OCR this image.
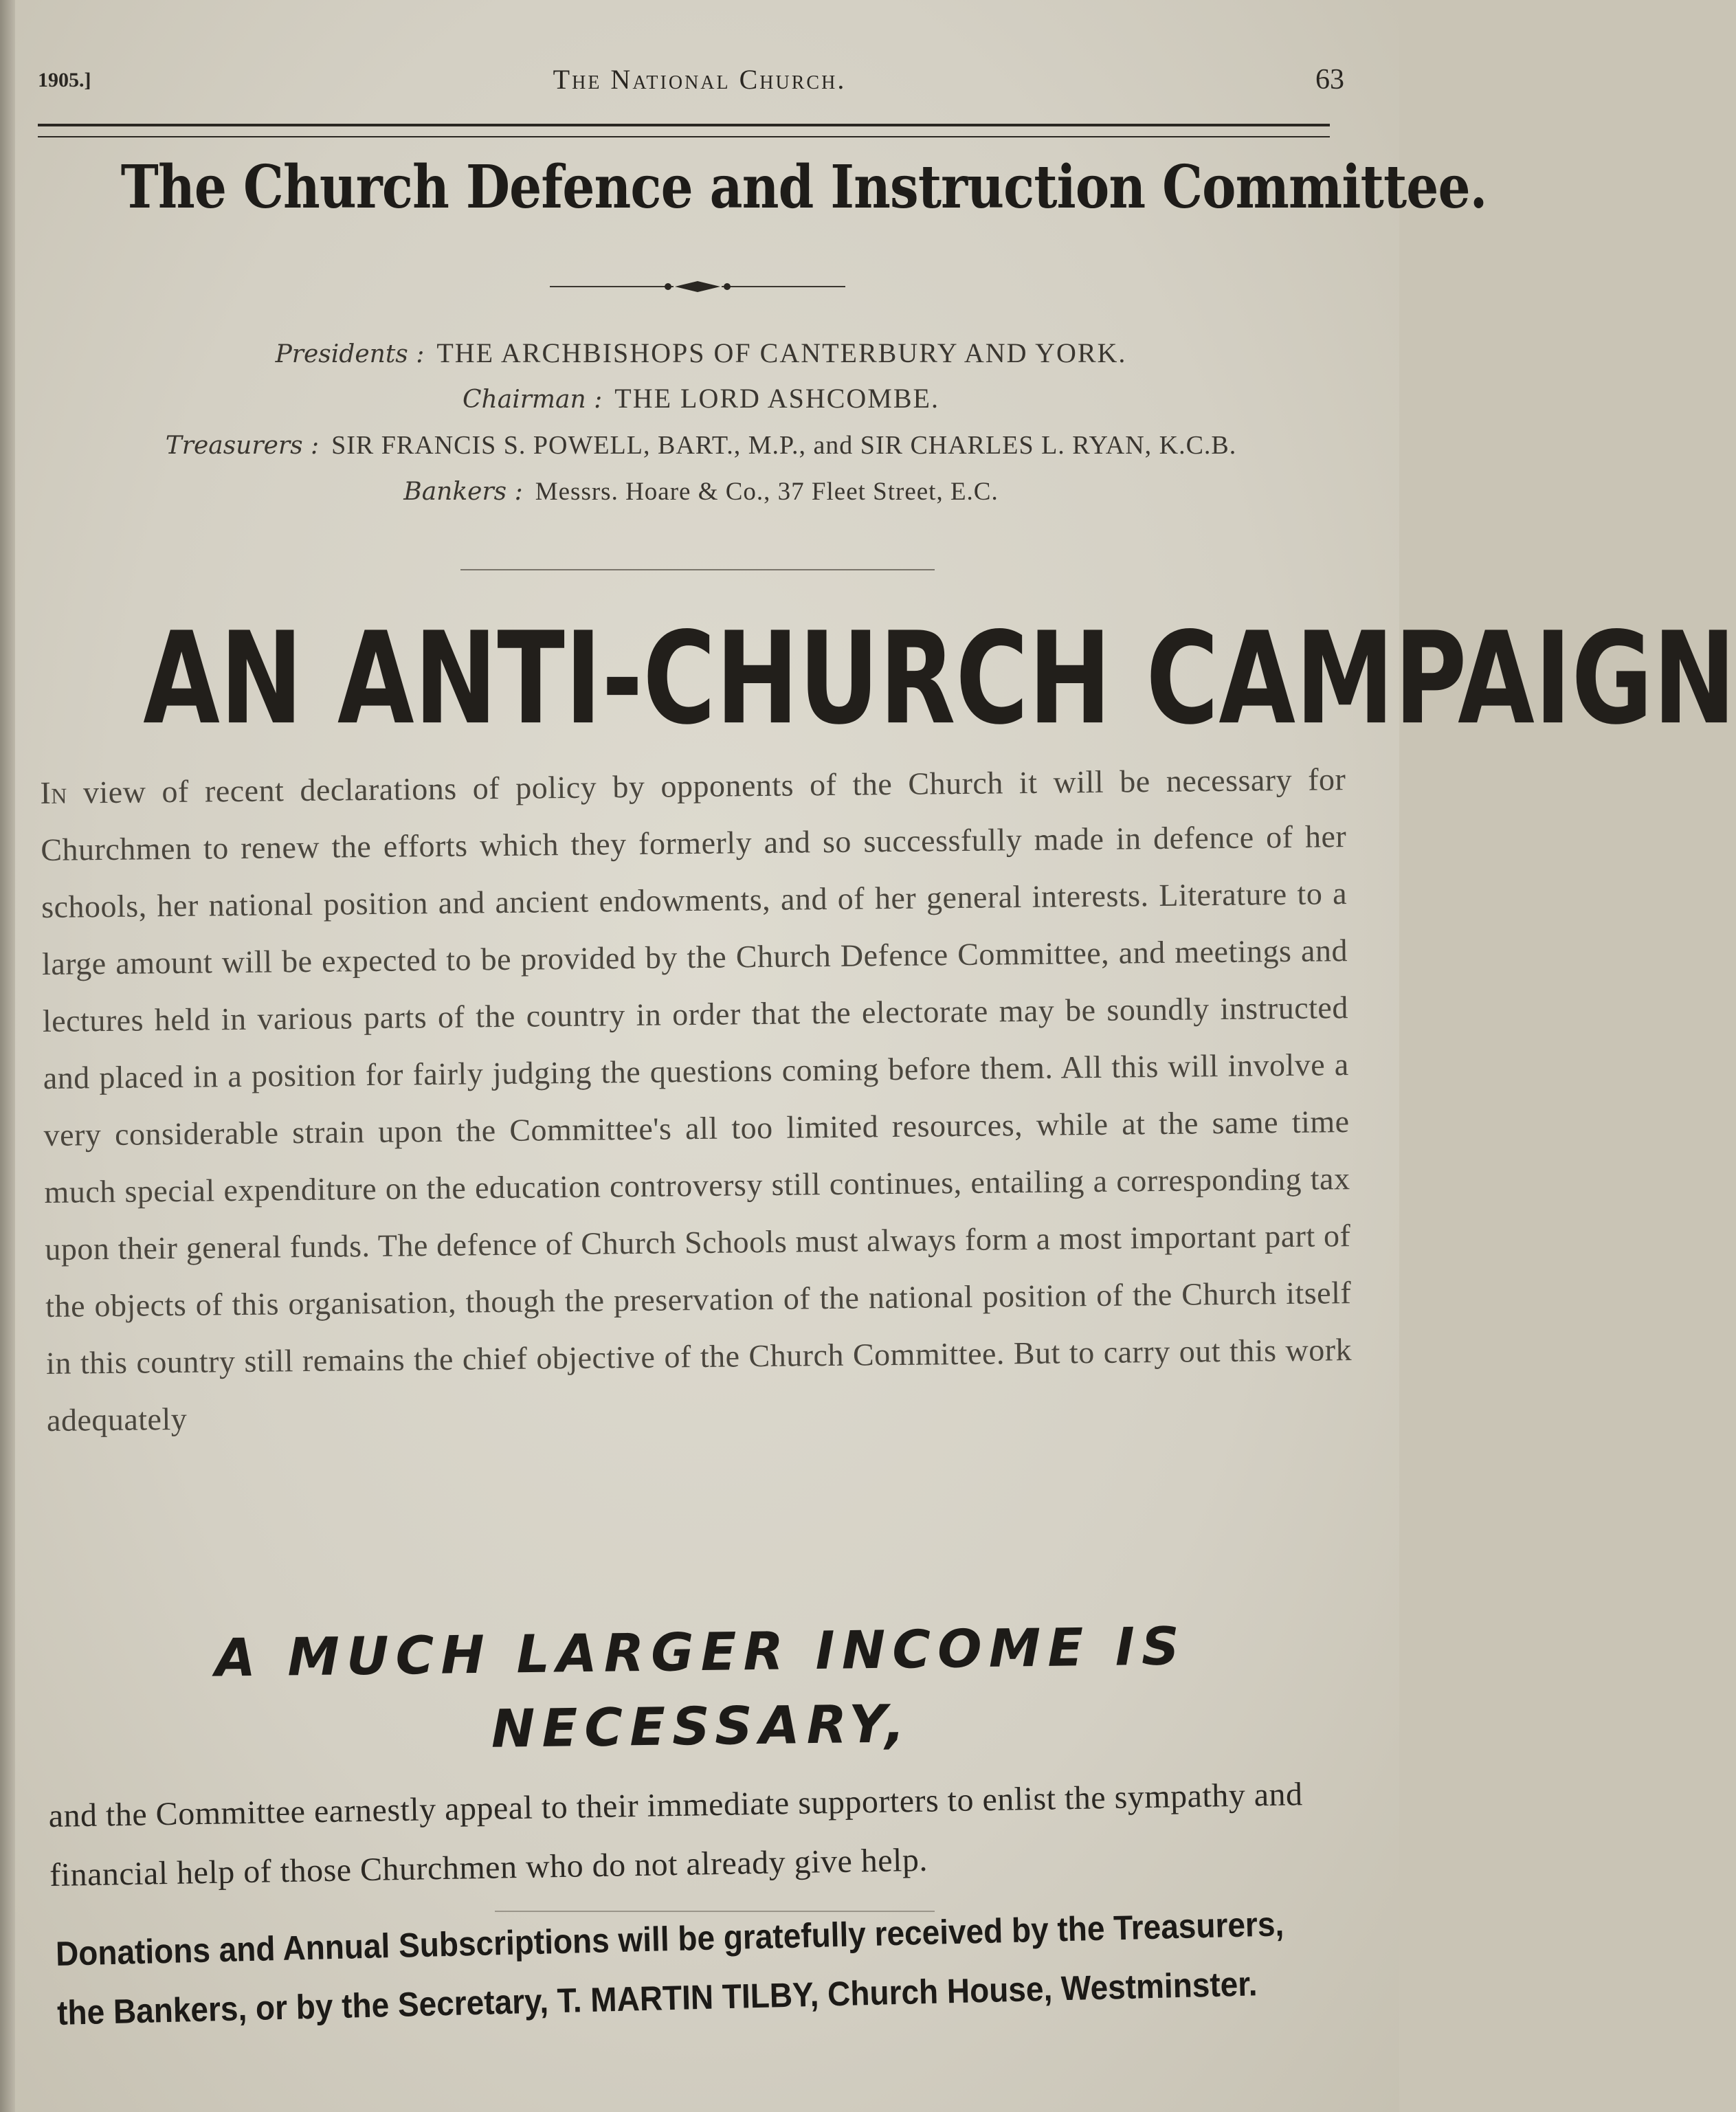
1905.]	The National Church.	63
The Church Defence and Instruction Committee.
Presidents : THE ARCHBISHOPS OF CANTERBURY AND YORK.
Chairman : THE LORD ASHCOMBE.
Treasurers : SIR FRANCIS S. POWELL, BART., M.P., and SIR CHARLES L. RYAN, K.C.B.
Bankers : Messrs. Hoare & Co., 37 Fleet Street, E.C.
AN ANTI-CHURCH CAMPAIGN
In view of recent declarations of policy by opponents of the Church it will be necessary for Churchmen to renew the efforts which they formerly and so successfully made in defence of her schools, her national position and ancient endowments, and of her general interests. Literature to a large amount will be expected to be provided by the Church Defence Committee, and meetings and lectures held in various parts of the country in order that the electorate may be soundly instructed and placed in a position for fairly judging the questions coming before them. All this will involve a very considerable strain upon the Committee's all too limited resources, while at the same time much special expenditure on the education controversy still continues, entailing a corresponding tax upon their general funds. The defence of Church Schools must always form a most important part of the objects of this organisation, though the preservation of the national position of the Church itself in this country still remains the chief objective of the Church Committee. But to carry out this work adequately
A MUCH LARGER INCOME IS
NECESSARY,
and the Committee earnestly appeal to their immediate supporters to enlist the sympathy and financial help of those Churchmen who do not already give help.
Donations and Annual Subscriptions will be gratefully received by the Treasurers,
the Bankers, or by the Secretary, T. MARTIN TILBY, Church House, Westminster.
